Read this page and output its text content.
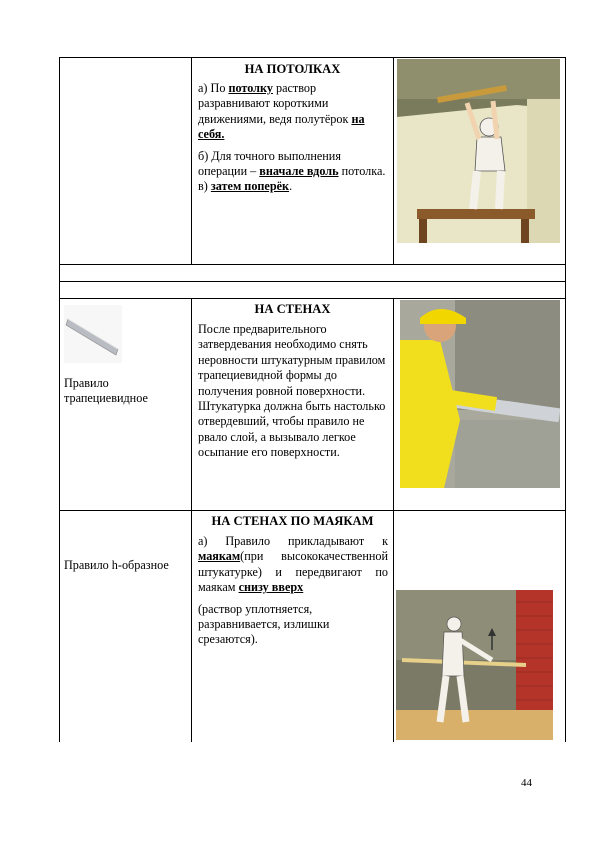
НА ПОТОЛКАХ

а) По потолку раствор разравнивают короткими движениями, ведя полутёрок на себя.

б) Для точного выполнения операции – вначале вдоль потолка. в) затем поперёк.

Правило трапециевидное
НА СТЕНАХ
После предварительного затвердевания необходимо снять неровности штукатурным правилом трапециевидной формы до получения ровной поверхности. Штукатурка должна быть настолько отвердевший, чтобы правило не рвало слой, а вызывало легкое осыпание его поверхности.
Правило h-образное
НА СТЕНАХ ПО МАЯКАМ

а) Правило прикладывают к маякам(при высококачественной штукатурке) и передвигают по маякам снизу вверх

(раствор уплотняется, разравнивается, излишки срезаются).

44
